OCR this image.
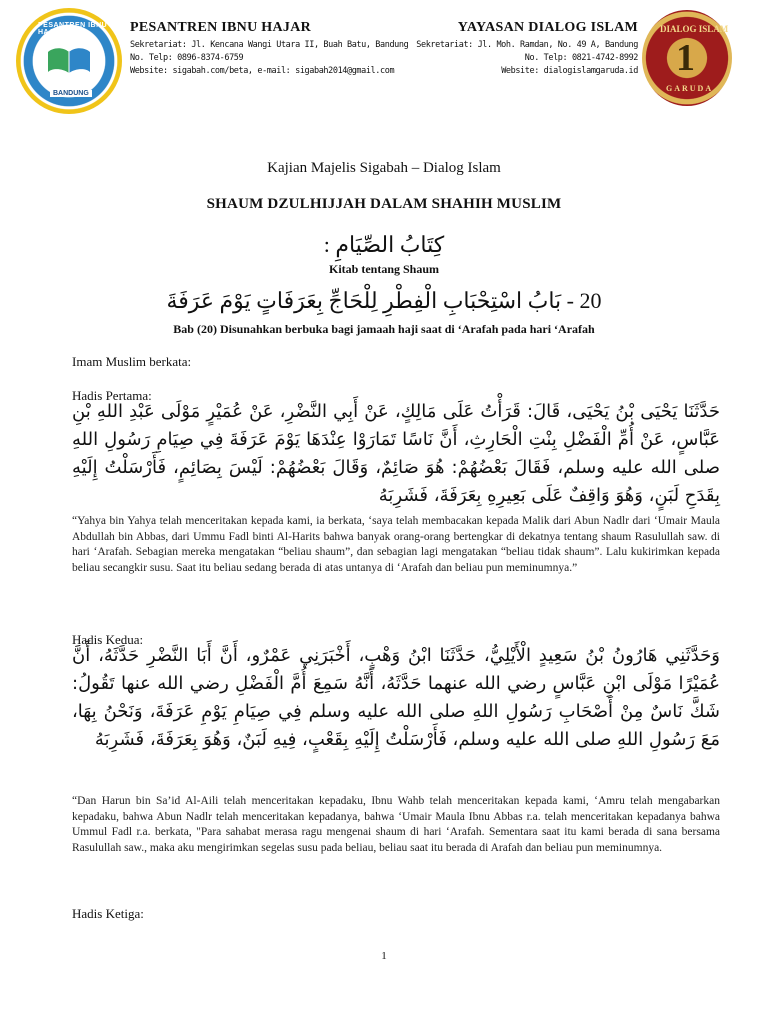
PESANTREN IBNU HAJAR
BANDUNG
PESANTREN IBNU HAJAR
Sekretariat: Jl. Kencana Wangi Utara II, Buah Batu, Bandung
No. Telp: 0896-8374-6759
Website: sigabah.com/beta, e-mail: sigabah2014@gmail.com
YAYASAN DIALOG ISLAM
Sekretariat: Jl. Moh. Ramdan, No. 49 A, Bandung
No. Telp: 0821-4742-8992
Website: dialogislamgaruda.id
DIALOG ISLAM
1
GARUDA
Kajian Majelis Sigabah – Dialog Islam
SHAUM DZULHIJJAH DALAM SHAHIH MUSLIM
كِتَابُ الصِّيَامِ :
Kitab tentang Shaum
20 - بَابُ اسْتِحْبَابِ الْفِطْرِ لِلْحَاجِّ بِعَرَفَاتٍ يَوْمَ عَرَفَةَ
Bab (20) Disunahkan berbuka bagi jamaah haji saat di ‘Arafah pada hari ‘Arafah
Imam Muslim berkata:
Hadis Pertama:
حَدَّثَنَا يَحْيَى بْنُ يَحْيَى، قَالَ: قَرَأْتُ عَلَى مَالِكٍ، عَنْ أَبِي النَّضْرِ، عَنْ عُمَيْرٍ مَوْلَى عَبْدِ اللهِ بْنِ عَبَّاسٍ، عَنْ أُمِّ الْفَضْلِ بِنْتِ الْحَارِثِ، أَنَّ نَاسًا تَمَارَوْا عِنْدَهَا يَوْمَ عَرَفَةَ فِي صِيَامِ رَسُولِ اللهِ صلى الله عليه وسلم، فَقَالَ بَعْضُهُمْ: هُوَ صَائِمٌ، وَقَالَ بَعْضُهُمْ: لَيْسَ بِصَائِمٍ، فَأَرْسَلْتُ إِلَيْهِ بِقَدَحِ لَبَنٍ، وَهُوَ وَاقِفٌ عَلَى بَعِيرِهِ بِعَرَفَةَ، فَشَرِبَهُ
“Yahya bin Yahya telah menceritakan kepada kami, ia berkata, ‘saya telah membacakan kepada Malik dari Abun Nadlr dari ‘Umair Maula Abdullah bin Abbas, dari Ummu Fadl binti Al-Harits bahwa banyak orang-orang bertengkar di dekatnya tentang shaum Rasulullah saw. di hari ‘Arafah. Sebagian mereka mengatakan “beliau shaum”, dan sebagian lagi mengatakan “beliau tidak shaum”. Lalu kukirimkan kepada beliau secangkir susu. Saat itu beliau sedang berada di atas untanya di ‘Arafah dan beliau pun meminumnya.”
Hadis Kedua:
وَحَدَّثَنِي هَارُونُ بْنُ سَعِيدٍ الْأَيْلِيُّ، حَدَّثَنَا ابْنُ وَهْبٍ، أَخْبَرَنِي عَمْرٌو، أَنَّ أَبَا النَّضْرِ حَدَّثَهُ، أَنَّ عُمَيْرًا مَوْلَى ابْنِ عَبَّاسٍ رضي الله عنهما حَدَّثَهُ، أَنَّهُ سَمِعَ أُمَّ الْفَضْلِ رضي الله عنها تَقُولُ: شَكَّ نَاسٌ مِنْ أَصْحَابِ رَسُولِ اللهِ صلى الله عليه وسلم فِي صِيَامِ يَوْمِ عَرَفَةَ، وَنَحْنُ بِهَا، مَعَ رَسُولِ اللهِ صلى الله عليه وسلم، فَأَرْسَلْتُ إِلَيْهِ بِقَعْبٍ، فِيهِ لَبَنٌ، وَهُوَ بِعَرَفَةَ، فَشَرِبَهُ
“Dan Harun bin Sa’id Al-Aili telah menceritakan kepadaku, Ibnu Wahb telah menceritakan kepada kami, ‘Amru telah mengabarkan kepadaku, bahwa Abun Nadlr telah menceritakan kepadanya, bahwa ‘Umair Maula Ibnu Abbas r.a. telah menceritakan kepadanya bahwa Ummul Fadl r.a. berkata, "Para sahabat merasa ragu mengenai shaum di hari ‘Arafah. Sementara saat itu kami berada di sana bersama Rasulullah saw., maka aku mengirimkan segelas susu pada beliau, beliau saat itu berada di Arafah dan beliau pun meminumnya.
Hadis Ketiga:
1
